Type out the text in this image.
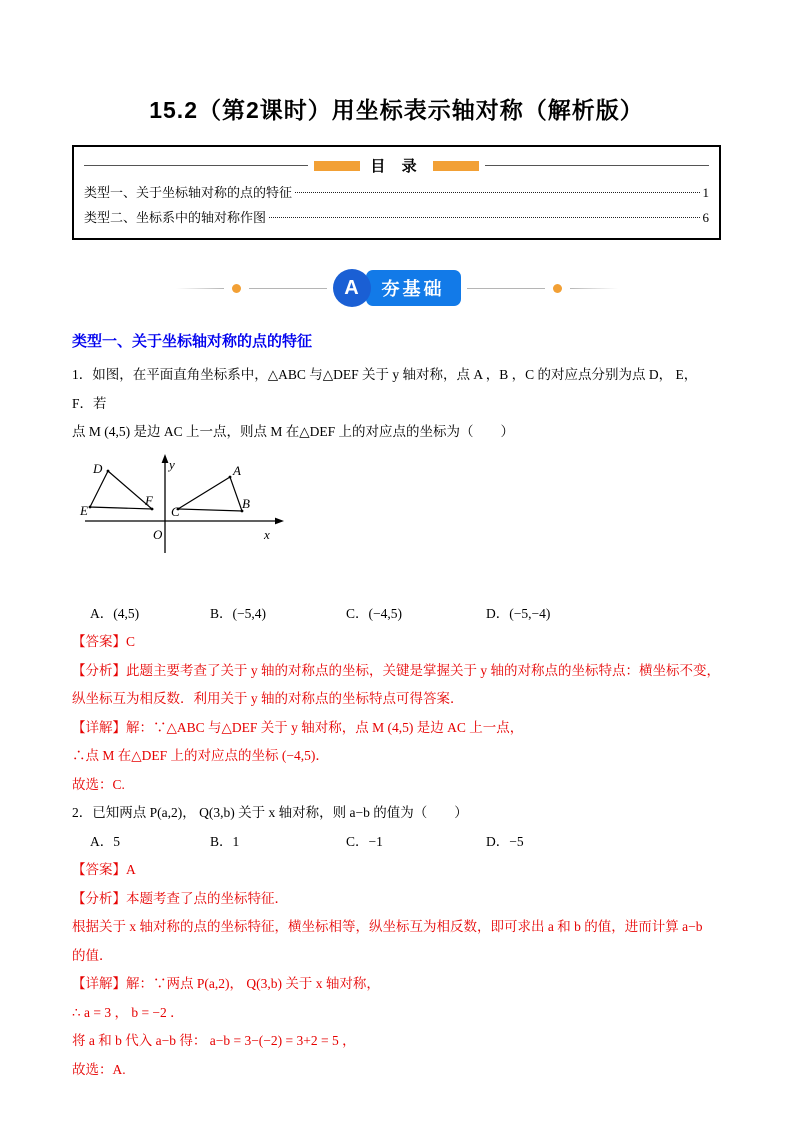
15.2（第2课时）用坐标表示轴对称（解析版）
目 录
类型一、关于坐标轴对称的点的特征	1
类型二、坐标系中的轴对称作图	6
A	夯基础
类型一、关于坐标轴对称的点的特征

1．如图，在平面直角坐标系中，△ABC 与△DEF 关于 y 轴对称，点 A ，B ，C 的对应点分别为点 D， E， F．若

点 M (4,5) 是边 AC 上一点，则点 M 在△DEF 上的对应点的坐标为（　　）

D
E
F
A
C
B
O
y
x
A．(4,5)	B．(−5,4)	C．(−4,5)	D．(−5,−4)

【答案】C

【分析】此题主要考查了关于 y 轴的对称点的坐标，关键是掌握关于 y 轴的对称点的坐标特点：横坐标不变，

纵坐标互为相反数．利用关于 y 轴的对称点的坐标特点可得答案．

【详解】解：∵△ABC 与△DEF 关于 y 轴对称，点 M (4,5) 是边 AC 上一点，

∴点 M 在△DEF 上的对应点的坐标 (−4,5)．

故选：C.

2．已知两点 P(a,2)， Q(3,b) 关于 x 轴对称，则 a−b 的值为（　　）

A．5	B．1	C．−1	D．−5

【答案】A

【分析】本题考查了点的坐标特征．

根据关于 x 轴对称的点的坐标特征，横坐标相等，纵坐标互为相反数，即可求出 a 和 b 的值，进而计算 a−b

的值．

【详解】解：∵两点 P(a,2)， Q(3,b) 关于 x 轴对称，

∴ a = 3 ， b = −2 ．

将 a 和 b 代入 a−b 得： a−b = 3−(−2) = 3+2 = 5 ，

故选：A.
